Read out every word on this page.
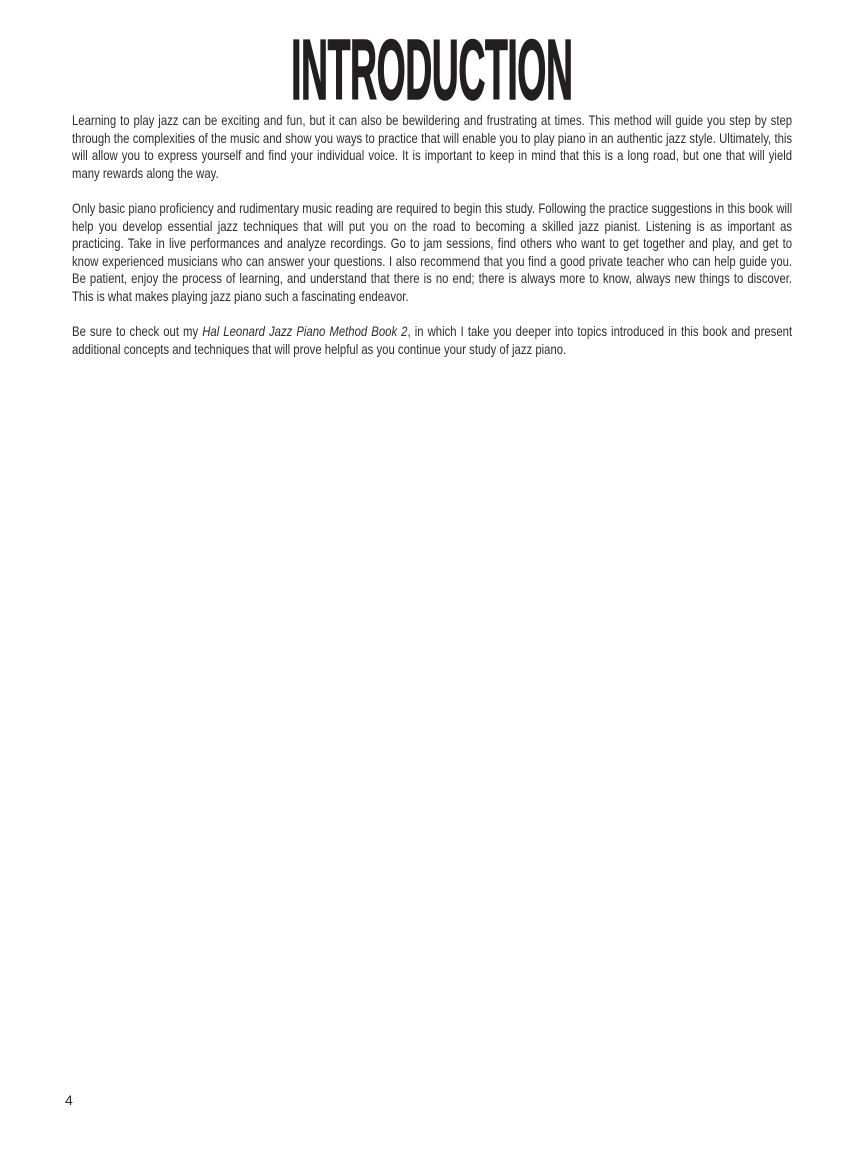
INTRODUCTION

Learning to play jazz can be exciting and fun, but it can also be bewildering and frustrating at times. This method will guide you step by step through the complexities of the music and show you ways to practice that will enable you to play piano in an authentic jazz style. Ultimately, this will allow you to express yourself and find your individual voice. It is important to keep in mind that this is a long road, but one that will yield many rewards along the way.

Only basic piano proficiency and rudimentary music reading are required to begin this study. Following the practice suggestions in this book will help you develop essential jazz techniques that will put you on the road to becoming a skilled jazz pianist. Listening is as important as practicing. Take in live performances and analyze recordings. Go to jam sessions, find others who want to get together and play, and get to know experienced musicians who can answer your questions. I also recommend that you find a good private teacher who can help guide you. Be patient, enjoy the process of learning, and understand that there is no end; there is always more to know, always new things to discover. This is what makes playing jazz piano such a fascinating endeavor.

Be sure to check out my Hal Leonard Jazz Piano Method Book 2, in which I take you deeper into topics introduced in this book and present additional concepts and techniques that will prove helpful as you continue your study of jazz piano.

4
